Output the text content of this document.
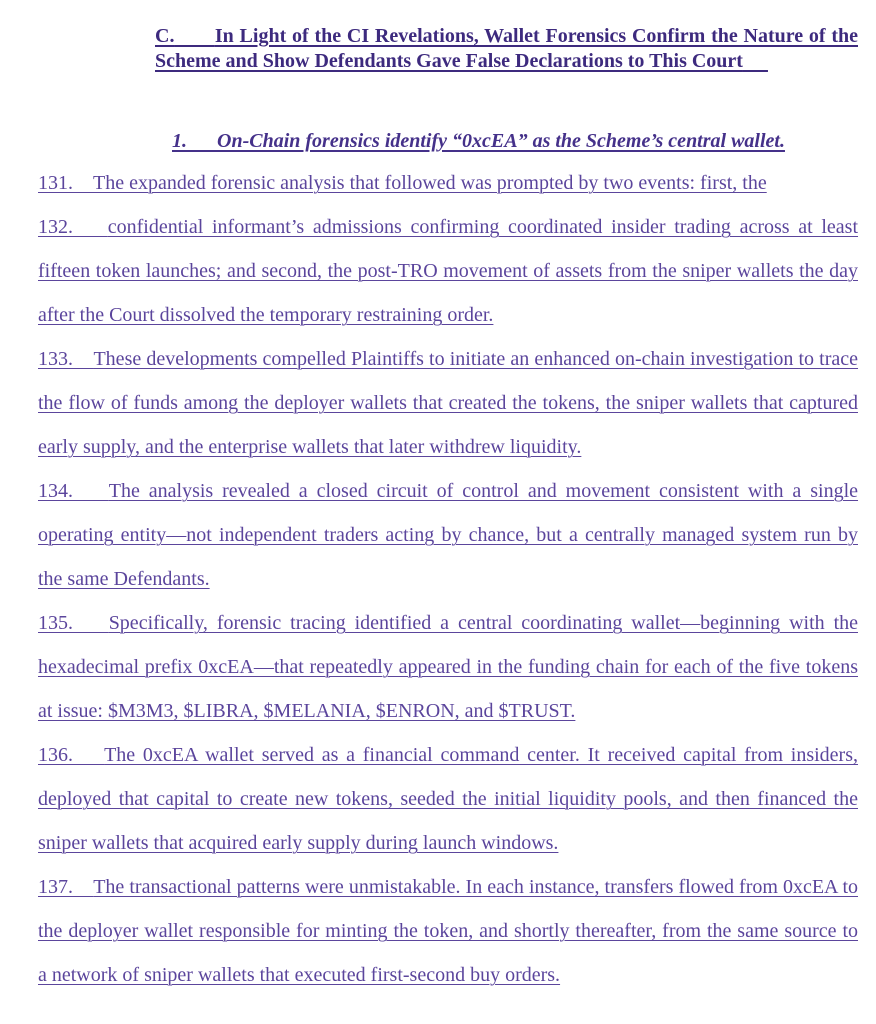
C. In Light of the CI Revelations, Wallet Forensics Confirm the Nature of the Scheme and Show Defendants Gave False Declarations to This Court
1. On-Chain forensics identify “0xcEA” as the Scheme’s central wallet.

131. The expanded forensic analysis that followed was prompted by two events: first, the

132. confidential informant’s admissions confirming coordinated insider trading across at least fifteen token launches; and second, the post-TRO movement of assets from the sniper wallets the day after the Court dissolved the temporary restraining order.

133. These developments compelled Plaintiffs to initiate an enhanced on-chain investigation to trace the flow of funds among the deployer wallets that created the tokens, the sniper wallets that captured early supply, and the enterprise wallets that later withdrew liquidity.

134. The analysis revealed a closed circuit of control and movement consistent with a single operating entity—not independent traders acting by chance, but a centrally managed system run by the same Defendants.

135. Specifically, forensic tracing identified a central coordinating wallet—beginning with the hexadecimal prefix 0xcEA—that repeatedly appeared in the funding chain for each of the five tokens at issue: $M3M3, $LIBRA, $MELANIA, $ENRON, and $TRUST.

136. The 0xcEA wallet served as a financial command center. It received capital from insiders, deployed that capital to create new tokens, seeded the initial liquidity pools, and then financed the sniper wallets that acquired early supply during launch windows.

137. The transactional patterns were unmistakable. In each instance, transfers flowed from 0xcEA to the deployer wallet responsible for minting the token, and shortly thereafter, from the same source to a network of sniper wallets that executed first-second buy orders.
